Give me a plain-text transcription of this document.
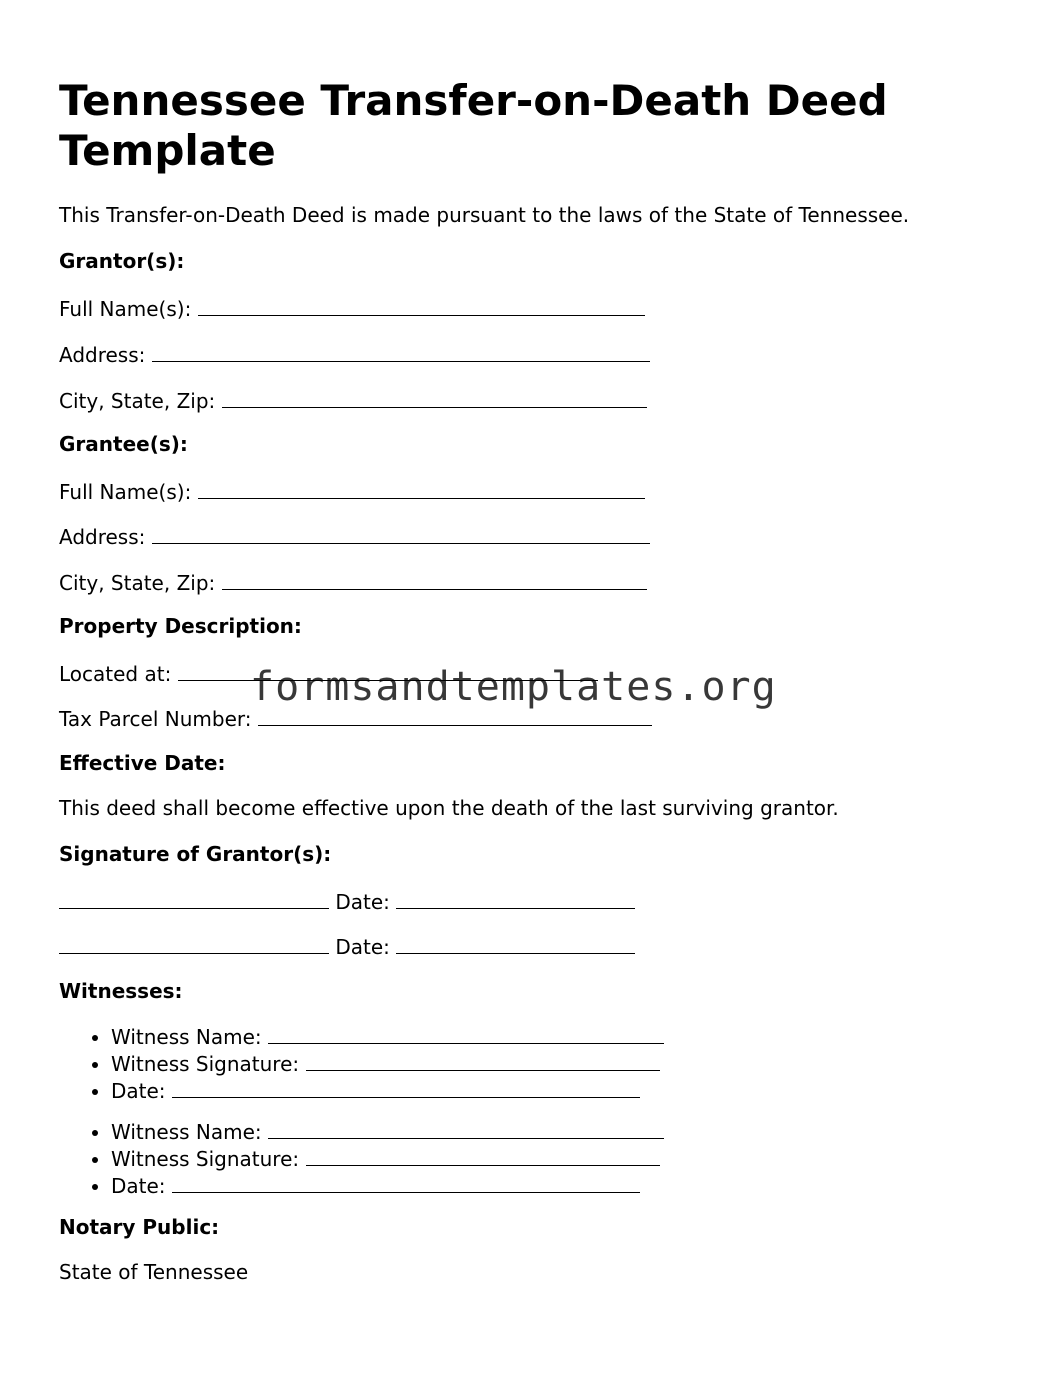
Tennessee Transfer-on-Death Deed Template
This Transfer-on-Death Deed is made pursuant to the laws of the State of Tennessee.
Grantor(s):
Full Name(s):
Address:
City, State, Zip:
Grantee(s):
Full Name(s):
Address:
City, State, Zip:
Property Description:
Located at:
Tax Parcel Number:
Effective Date:
This deed shall become effective upon the death of the last surviving grantor.
Signature of Grantor(s):
Date:
Date:
Witnesses:
• Witness Name:
• Witness Signature:
• Date:
• Witness Name:
• Witness Signature:
• Date:
Notary Public:
State of Tennessee
formsandtemplates.org
